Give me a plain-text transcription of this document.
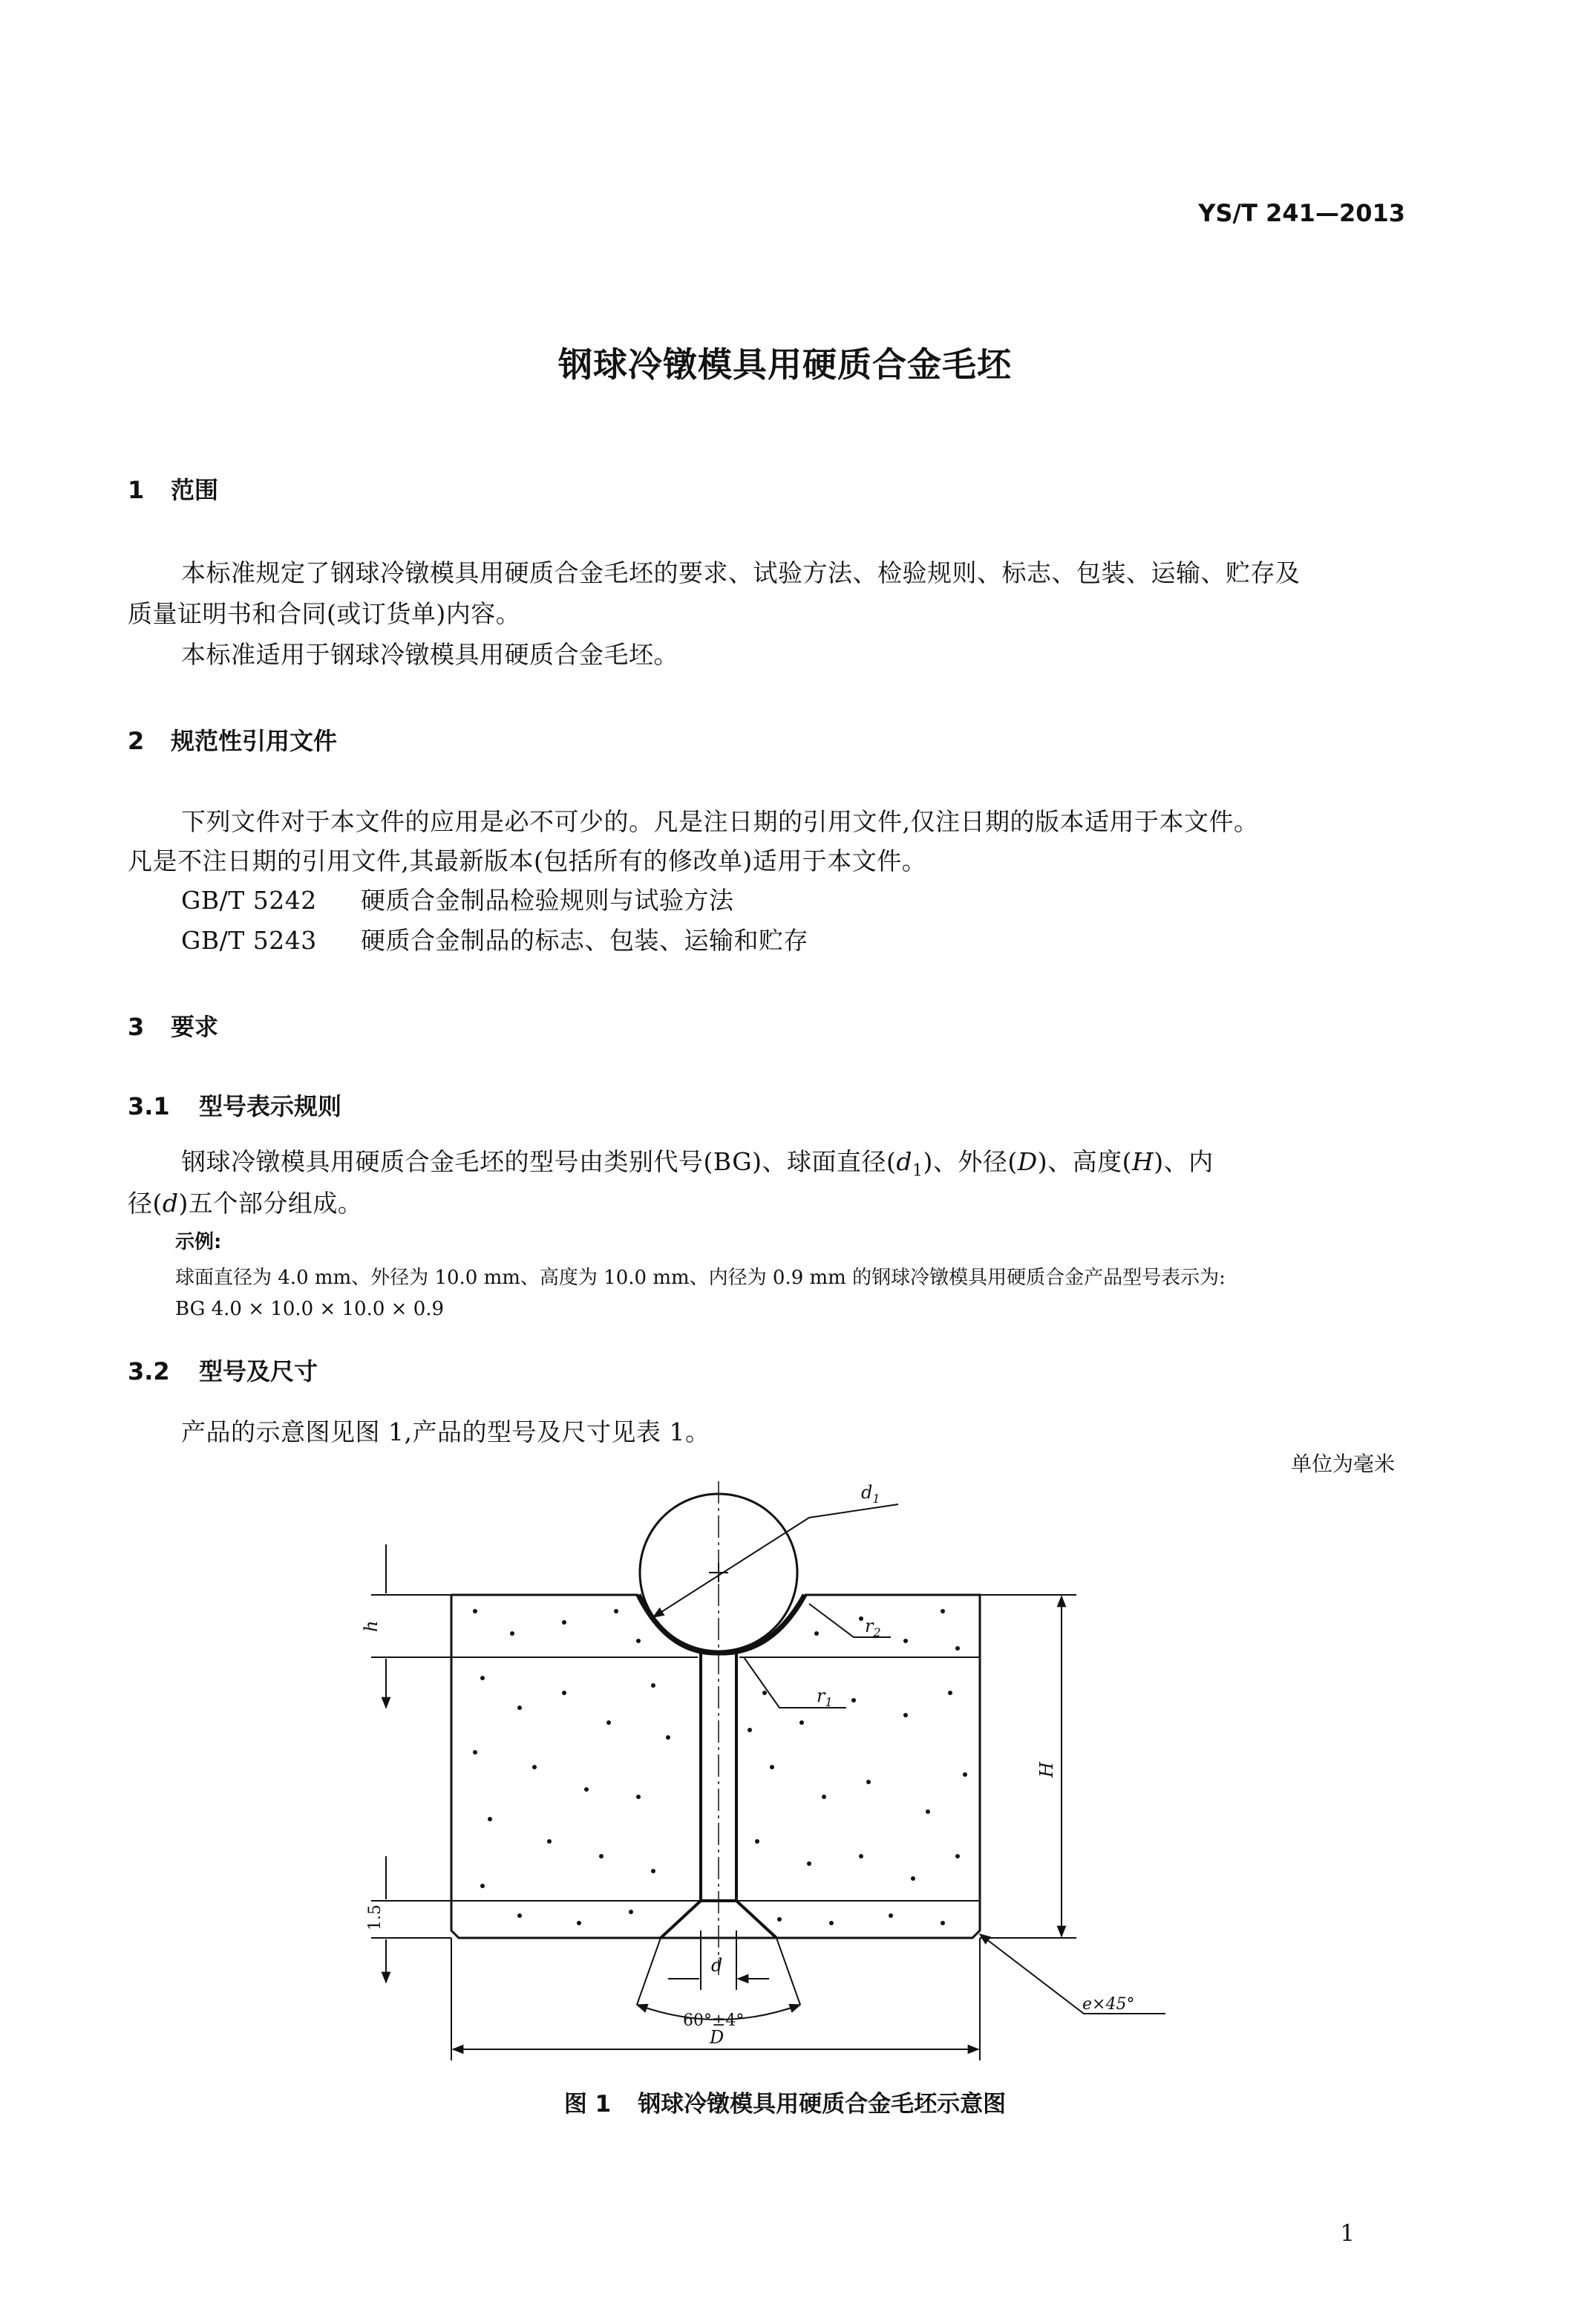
YS/T 241—2013
钢球冷镦模具用硬质合金毛坯
1 范围
本标准规定了钢球冷镦模具用硬质合金毛坯的要求、试验方法、检验规则、标志、包装、运输、贮存及
质量证明书和合同(或订货单)内容。
本标准适用于钢球冷镦模具用硬质合金毛坯。
2 规范性引用文件
下列文件对于本文件的应用是必不可少的。凡是注日期的引用文件,仅注日期的版本适用于本文件。
凡是不注日期的引用文件,其最新版本(包括所有的修改单)适用于本文件。
GB/T 5242 硬质合金制品检验规则与试验方法
GB/T 5243 硬质合金制品的标志、包装、运输和贮存
3 要求
3.1 型号表示规则
钢球冷镦模具用硬质合金毛坯的型号由类别代号(BG)、球面直径$(d_1)$、外径(D)、高度(H)、内
径(d)五个部分组成。
示例:
球面直径为 4.0 mm、外径为 10.0 mm、高度为 10.0 mm、内径为 0.9 mm 的钢球冷镦模具用硬质合金产品型号表示为:
BG 4.0 × 10.0 × 10.0 × 0.9
3.2 型号及尺寸
产品的示意图见图 1,产品的型号及尺寸见表 1。
单位为毫米
$d_1$
$r_2$
$r_1$
h
H
d
D
1.5
60°±4°
e×45°
图 1 钢球冷镦模具用硬质合金毛坯示意图
1
